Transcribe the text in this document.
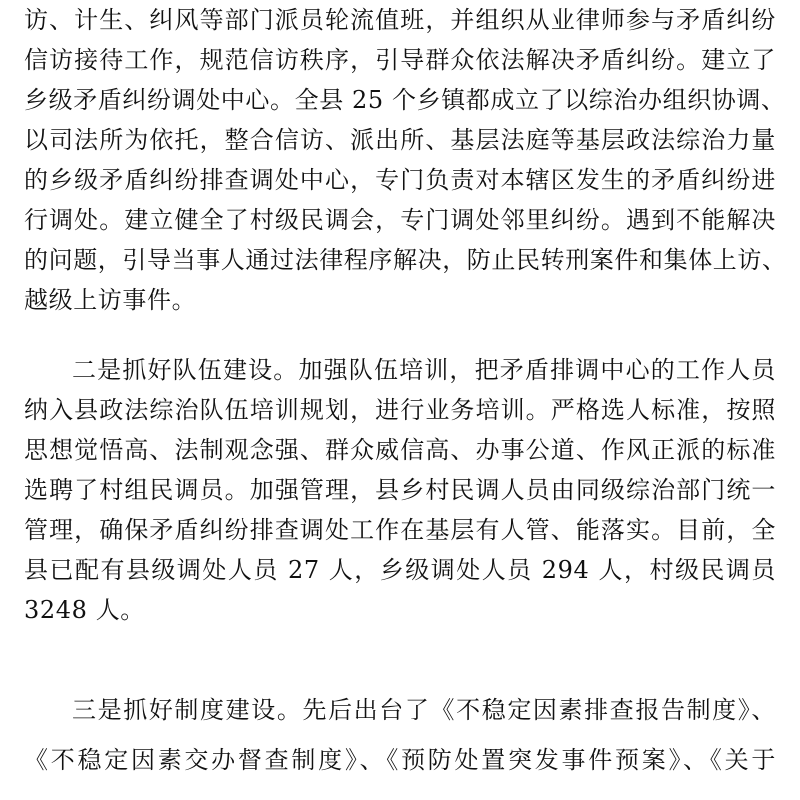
访、计生、纠风等部门派员轮流值班，并组织从业律师参与矛盾纠纷
信访接待工作，规范信访秩序，引导群众依法解决矛盾纠纷。建立了
乡级矛盾纠纷调处中心。全县 25 个乡镇都成立了以综治办组织协调、
以司法所为依托，整合信访、派出所、基层法庭等基层政法综治力量
的乡级矛盾纠纷排查调处中心，专门负责对本辖区发生的矛盾纠纷进
行调处。建立健全了村级民调会，专门调处邻里纠纷。遇到不能解决
的问题，引导当事人通过法律程序解决，防止民转刑案件和集体上访、
越级上访事件。
二是抓好队伍建设。加强队伍培训，把矛盾排调中心的工作人员
纳入县政法综治队伍培训规划，进行业务培训。严格选人标准，按照
思想觉悟高、法制观念强、群众威信高、办事公道、作风正派的标准
选聘了村组民调员。加强管理，县乡村民调人员由同级综治部门统一
管理，确保矛盾纠纷排查调处工作在基层有人管、能落实。目前，全
县已配有县级调处人员 27 人，乡级调处人员 294 人，村级民调员
3248 人。
三是抓好制度建设。先后出台了《不稳定因素排查报告制度》、
《不稳定因素交办督查制度》、《预防处置突发事件预案》、《关于
